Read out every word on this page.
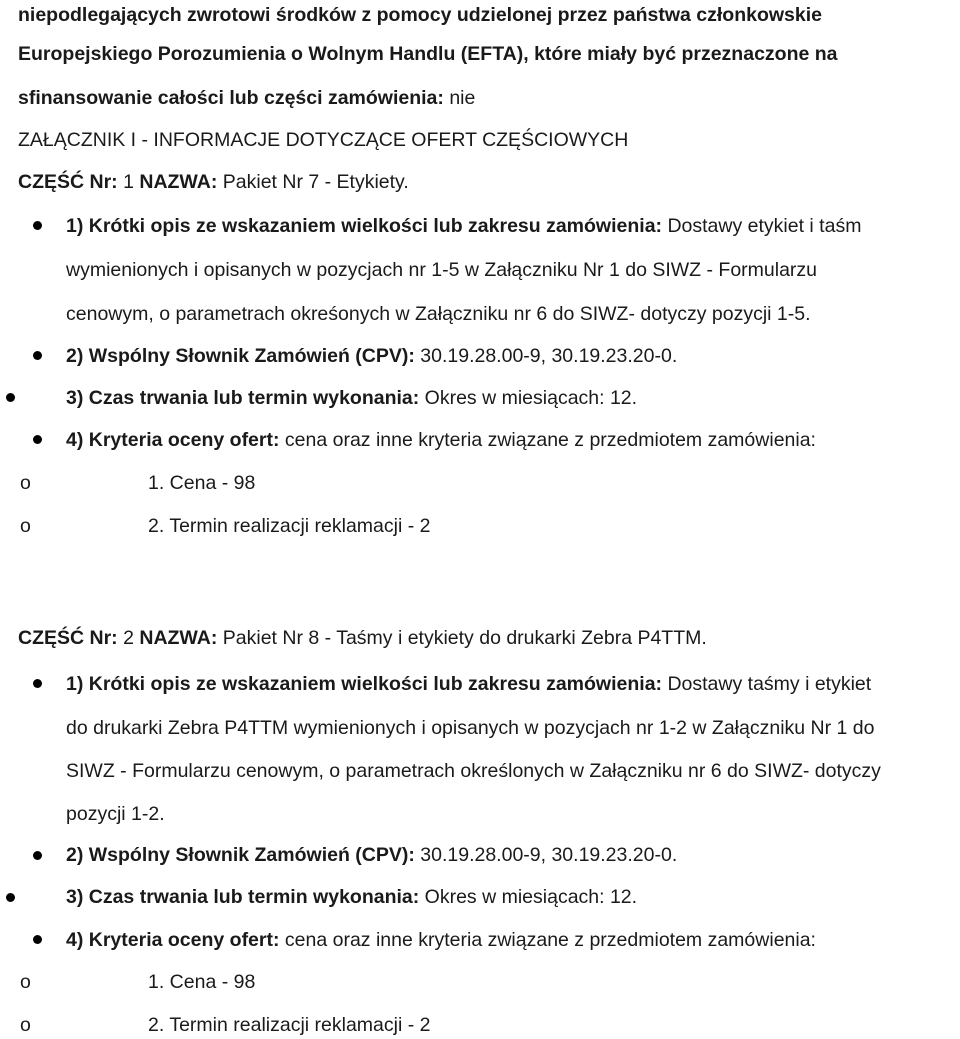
niepodlegających zwrotowi środków z pomocy udzielonej przez państwa członkowskie
Europejskiego Porozumienia o Wolnym Handlu (EFTA), które miały być przeznaczone na
sfinansowanie całości lub części zamówienia: nie
ZAŁĄCZNIK I - INFORMACJE DOTYCZĄCE OFERT CZĘŚCIOWYCH
CZĘŚĆ Nr: 1 NAZWA: Pakiet Nr 7 - Etykiety.
1) Krótki opis ze wskazaniem wielkości lub zakresu zamówienia: Dostawy etykiet i taśm
wymienionych i opisanych w pozycjach nr 1-5 w Załączniku Nr 1 do SIWZ - Formularzu
cenowym, o parametrach okreśonych w Załączniku nr 6 do SIWZ- dotyczy pozycji 1-5.
2) Wspólny Słownik Zamówień (CPV): 30.19.28.00-9, 30.19.23.20-0.
3) Czas trwania lub termin wykonania: Okres w miesiącach: 12.
4) Kryteria oceny ofert: cena oraz inne kryteria związane z przedmiotem zamówienia:
o	1. Cena - 98
o	2. Termin realizacji reklamacji - 2
CZĘŚĆ Nr: 2 NAZWA: Pakiet Nr 8 - Taśmy i etykiety do drukarki Zebra P4TTM.
1) Krótki opis ze wskazaniem wielkości lub zakresu zamówienia: Dostawy taśmy i etykiet
do drukarki Zebra P4TTM wymienionych i opisanych w pozycjach nr 1-2 w Załączniku Nr 1 do
SIWZ - Formularzu cenowym, o parametrach określonych w Załączniku nr 6 do SIWZ- dotyczy
pozycji 1-2.
2) Wspólny Słownik Zamówień (CPV): 30.19.28.00-9, 30.19.23.20-0.
3) Czas trwania lub termin wykonania: Okres w miesiącach: 12.
4) Kryteria oceny ofert: cena oraz inne kryteria związane z przedmiotem zamówienia:
o	1. Cena - 98
o	2. Termin realizacji reklamacji - 2
